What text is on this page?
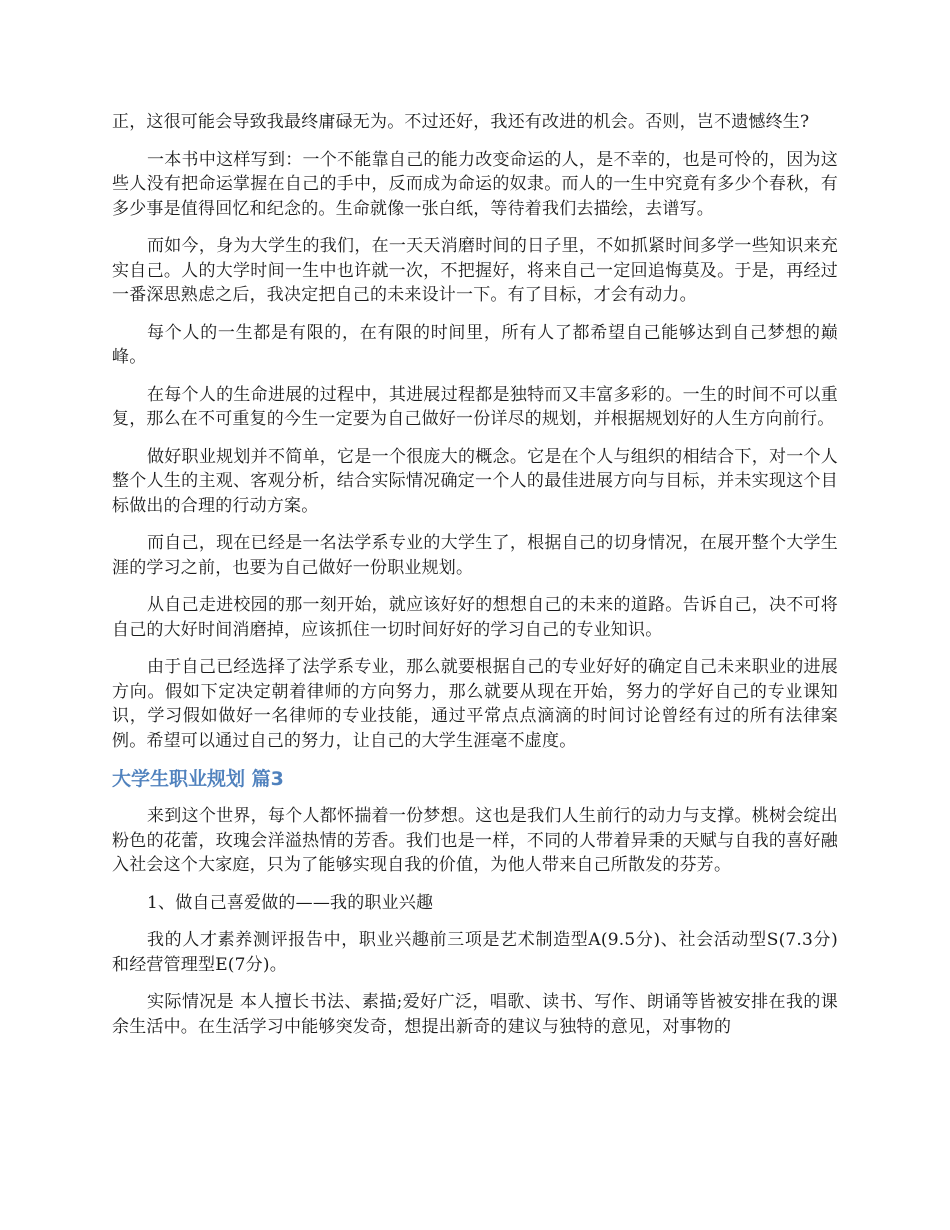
正，这很可能会导致我最终庸碌无为。不过还好，我还有改进的机会。否则，岂不遗憾终生?

一本书中这样写到：一个不能靠自己的能力改变命运的人，是不幸的，也是可怜的，因为这些人没有把命运掌握在自己的手中，反而成为命运的奴隶。而人的一生中究竟有多少个春秋，有多少事是值得回忆和纪念的。生命就像一张白纸，等待着我们去描绘，去谱写。

而如今，身为大学生的我们，在一天天消磨时间的日子里，不如抓紧时间多学一些知识来充实自己。人的大学时间一生中也许就一次，不把握好，将来自己一定回追悔莫及。于是，再经过一番深思熟虑之后，我决定把自己的未来设计一下。有了目标，才会有动力。

每个人的一生都是有限的，在有限的时间里，所有人了都希望自己能够达到自己梦想的巅峰。

在每个人的生命进展的过程中，其进展过程都是独特而又丰富多彩的。一生的时间不可以重复，那么在不可重复的今生一定要为自己做好一份详尽的规划，并根据规划好的人生方向前行。

做好职业规划并不简单，它是一个很庞大的概念。它是在个人与组织的相结合下，对一个人整个人生的主观、客观分析，结合实际情况确定一个人的最佳进展方向与目标，并未实现这个目标做出的合理的行动方案。

而自己，现在已经是一名法学系专业的大学生了，根据自己的切身情况，在展开整个大学生涯的学习之前，也要为自己做好一份职业规划。

从自己走进校园的那一刻开始，就应该好好的想想自己的未来的道路。告诉自己，决不可将自己的大好时间消磨掉，应该抓住一切时间好好的学习自己的专业知识。

由于自己已经选择了法学系专业，那么就要根据自己的专业好好的确定自己未来职业的进展方向。假如下定决定朝着律师的方向努力，那么就要从现在开始，努力的学好自己的专业课知识，学习假如做好一名律师的专业技能，通过平常点点滴滴的时间讨论曾经有过的所有法律案例。希望可以通过自己的努力，让自己的大学生涯毫不虚度。

大学生职业规划 篇3

来到这个世界，每个人都怀揣着一份梦想。这也是我们人生前行的动力与支撑。桃树会绽出粉色的花蕾，玫瑰会洋溢热情的芳香。我们也是一样，不同的人带着异秉的天赋与自我的喜好融入社会这个大家庭，只为了能够实现自我的价值，为他人带来自己所散发的芬芳。

1、做自己喜爱做的——我的职业兴趣

我的人才素养测评报告中，职业兴趣前三项是艺术制造型A(9.5分)、社会活动型S(7.3分)和经营管理型E(7分)。

实际情况是 本人擅长书法、素描;爱好广泛，唱歌、读书、写作、朗诵等皆被安排在我的课余生活中。在生活学习中能够突发奇，想提出新奇的建议与独特的意见，对事物的
